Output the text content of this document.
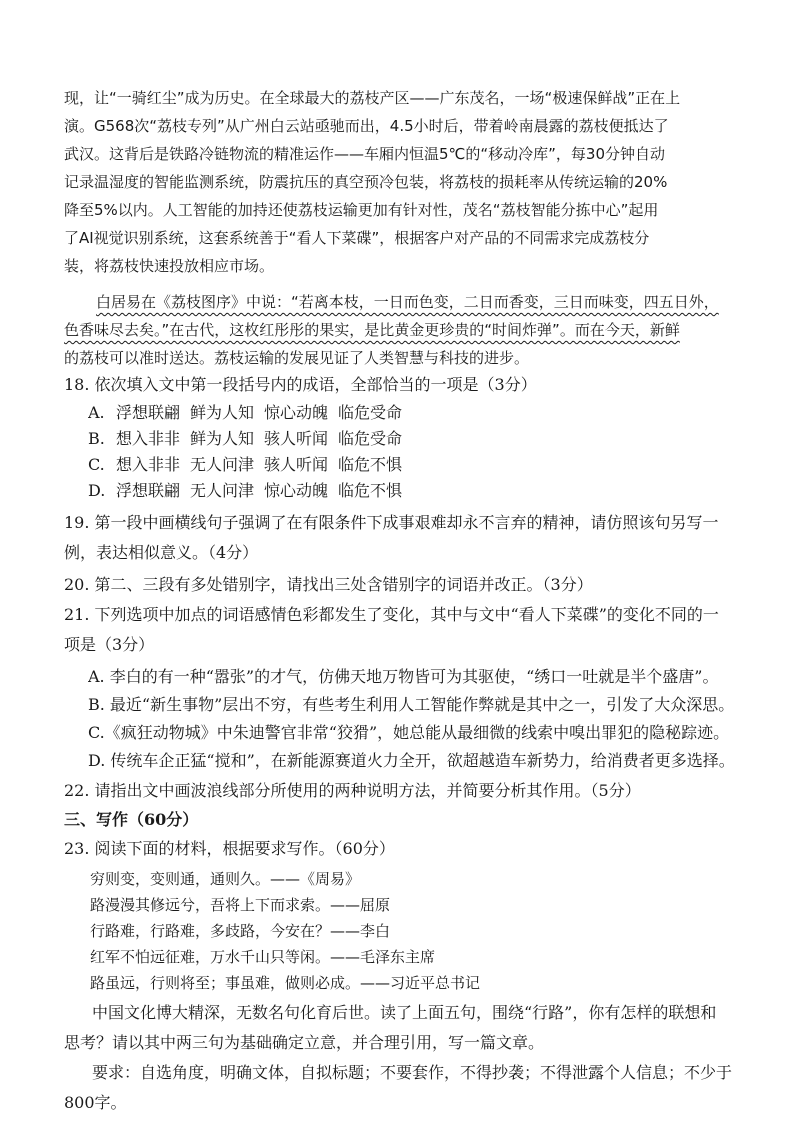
现，让“一骑红尘”成为历史。在全球最大的荔枝产区——广东茂名，一场“极速保鲜战”正在上
演。G568次“荔枝专列”从广州白云站亟驰而出，4.5小时后，带着岭南晨露的荔枝便抵达了
武汉。这背后是铁路冷链物流的精准运作——车厢内恒温5℃的“移动冷库”，每30分钟自动
记录温湿度的智能监测系统，防震抗压的真空预冷包装，将荔枝的损耗率从传统运输的20%
降至5%以内。人工智能的加持还使荔枝运输更加有针对性，茂名“荔枝智能分拣中心”起用
了AI视觉识别系统，这套系统善于“看人下菜碟”，根据客户对产品的不同需求完成荔枝分
装，将荔枝快速投放相应市场。
白居易在《荔枝图序》中说：“若离本枝，一日而色变，二日而香变，三日而味变，四五日外，
色香味尽去矣。”在古代，这枚红彤彤的果实，是比黄金更珍贵的“时间炸弹”。而在今天，新鲜
的荔枝可以准时送达。荔枝运输的发展见证了人类智慧与科技的进步。
18. 依次填入文中第一段括号内的成语，全部恰当的一项是（3分）
A. 浮想联翩 鲜为人知 惊心动魄 临危受命
B. 想入非非 鲜为人知 骇人听闻 临危受命
C. 想入非非 无人问津 骇人听闻 临危不惧
D. 浮想联翩 无人问津 惊心动魄 临危不惧
19. 第一段中画横线句子强调了在有限条件下成事艰难却永不言弃的精神，请仿照该句另写一
例，表达相似意义。（4分）
20. 第二、三段有多处错别字，请找出三处含错别字的词语并改正。（3分）
21. 下列选项中加点的词语感情色彩都发生了变化，其中与文中“看人下菜碟”的变化不同的一
项是（3分）
A. 李白的有一种“嚣张”的才气，仿佛天地万物皆可为其驱使，“绣口一吐就是半个盛唐”。
B. 最近“新生事物”层出不穷，有些考生利用人工智能作弊就是其中之一，引发了大众深思。
C.《疯狂动物城》中朱迪警官非常“狡猾”，她总能从最细微的线索中嗅出罪犯的隐秘踪迹。
D. 传统车企正猛“搅和”，在新能源赛道火力全开，欲超越造车新势力，给消费者更多选择。
22. 请指出文中画波浪线部分所使用的两种说明方法，并简要分析其作用。（5分）
三、写作（60分）
23. 阅读下面的材料，根据要求写作。（60分）
穷则变，变则通，通则久。——《周易》
路漫漫其修远兮，吾将上下而求索。——屈原
行路难，行路难，多歧路，今安在？——李白
红军不怕远征难，万水千山只等闲。——毛泽东主席
路虽远，行则将至；事虽难，做则必成。——习近平总书记
中国文化博大精深，无数名句化育后世。读了上面五句，围绕“行路”，你有怎样的联想和
思考？请以其中两三句为基础确定立意，并合理引用，写一篇文章。
要求：自选角度，明确文体，自拟标题；不要套作，不得抄袭；不得泄露个人信息；不少于
800字。
